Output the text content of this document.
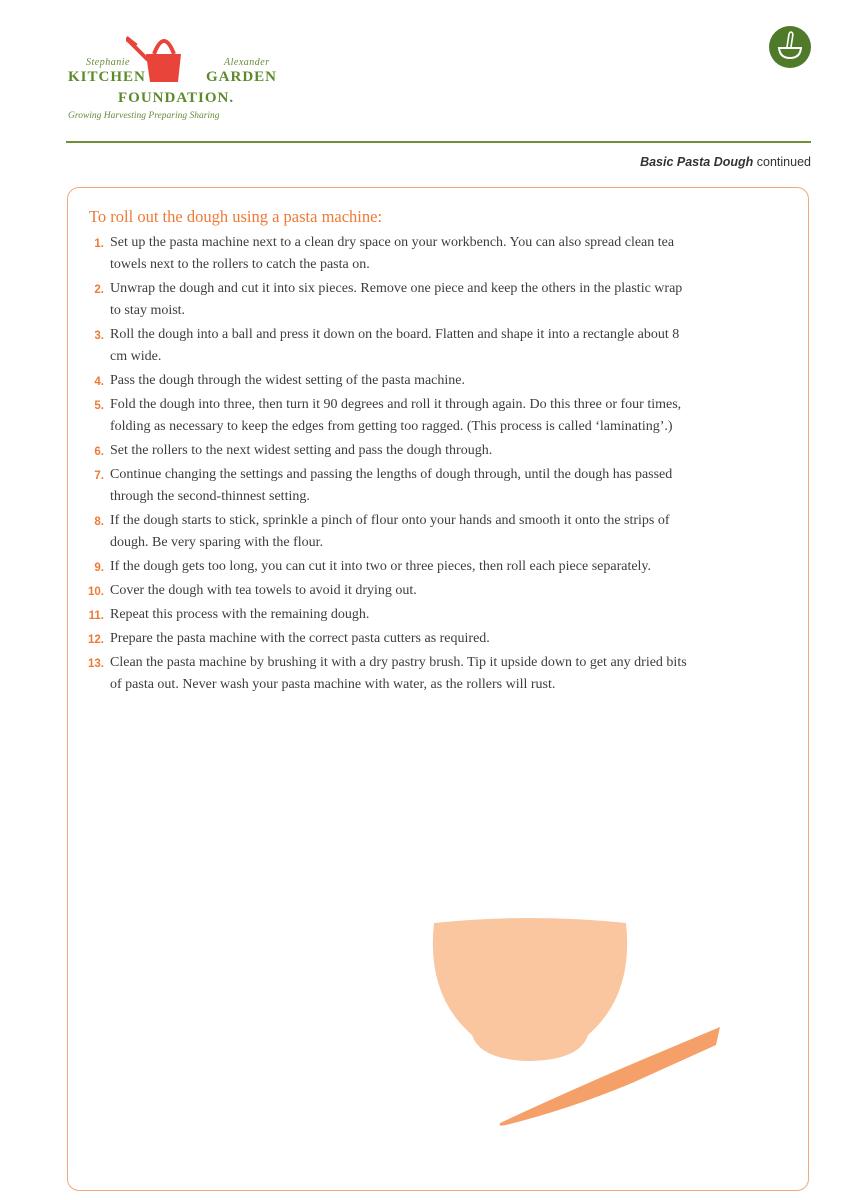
Stephanie	Alexander
KITCHEN	GARDEN
FOUNDATION.
Growing Harvesting Preparing Sharing
Basic Pasta Dough continued
To roll out the dough using a pasta machine:
1. Set up the pasta machine next to a clean dry space on your workbench. You can also spread clean tea towels next to the rollers to catch the pasta on.
2. Unwrap the dough and cut it into six pieces. Remove one piece and keep the others in the plastic wrap to stay moist.
3. Roll the dough into a ball and press it down on the board. Flatten and shape it into a rectangle about 8 cm wide.
4. Pass the dough through the widest setting of the pasta machine.
5. Fold the dough into three, then turn it 90 degrees and roll it through again. Do this three or four times, folding as necessary to keep the edges from getting too ragged. (This process is called ‘laminating’.)
6. Set the rollers to the next widest setting and pass the dough through.
7. Continue changing the settings and passing the lengths of dough through, until the dough has passed through the second-thinnest setting.
8. If the dough starts to stick, sprinkle a pinch of flour onto your hands and smooth it onto the strips of dough. Be very sparing with the flour.
9. If the dough gets too long, you can cut it into two or three pieces, then roll each piece separately.
10. Cover the dough with tea towels to avoid it drying out.
11. Repeat this process with the remaining dough.
12. Prepare the pasta machine with the correct pasta cutters as required.
13. Clean the pasta machine by brushing it with a dry pastry brush. Tip it upside down to get any dried bits of pasta out. Never wash your pasta machine with water, as the rollers will rust.
